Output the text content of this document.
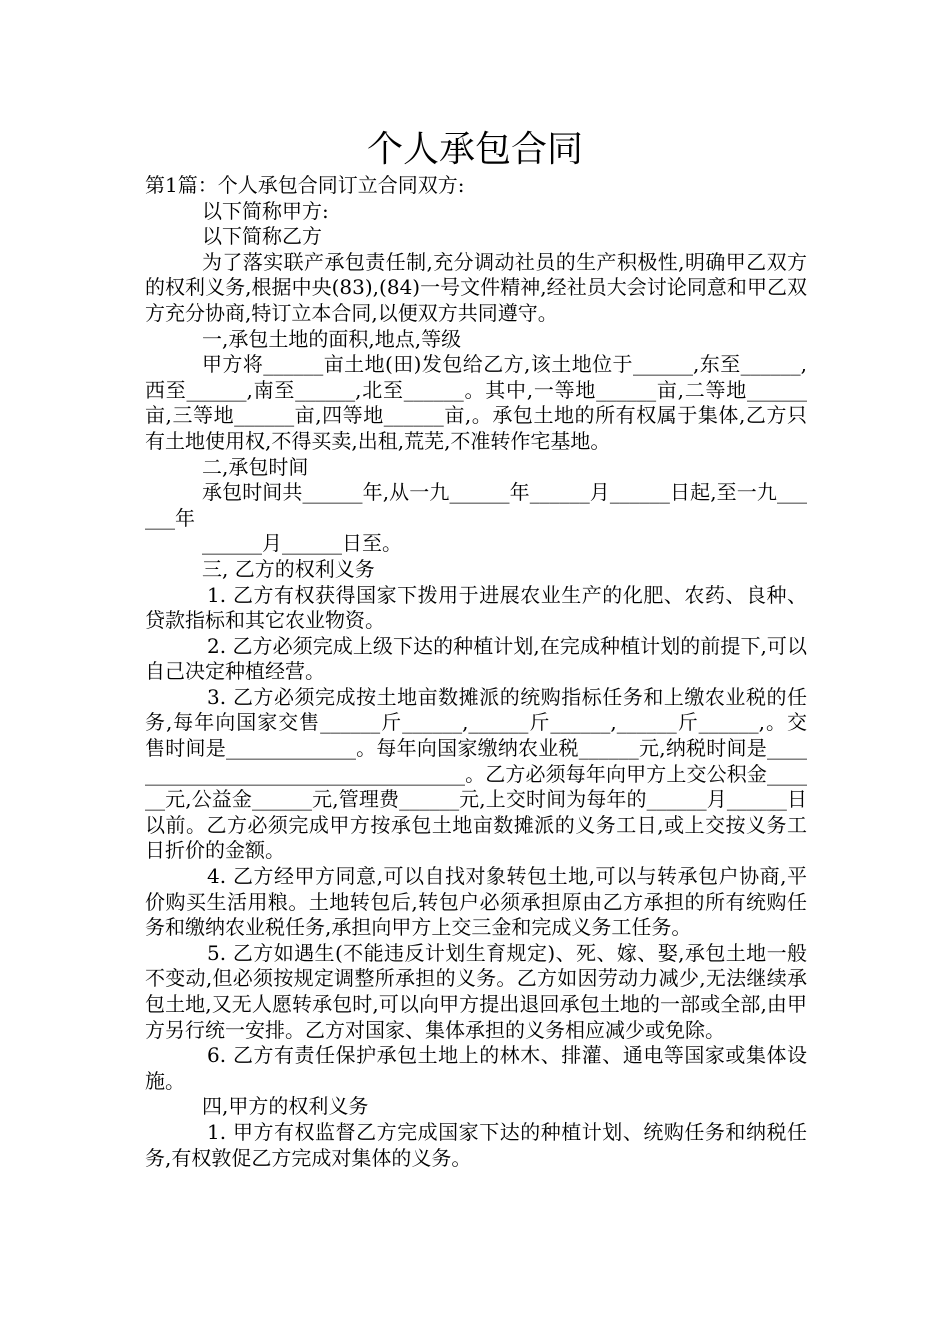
个人承包合同

第1篇：个人承包合同订立合同双方:

以下简称甲方:

以下简称乙方

为了落实联产承包责任制,充分调动社员的生产积极性,明确甲乙双方的权利义务,根据中央(83),(84)一号文件精神,经社员大会讨论同意和甲乙双方充分协商,特订立本合同,以便双方共同遵守。

一,承包土地的面积,地点,等级

甲方将______亩土地(田)发包给乙方,该土地位于______,东至______,西至______,南至______,北至______。其中,一等地______亩,二等地______亩,三等地______亩,四等地______亩,。承包土地的所有权属于集体,乙方只有土地使用权,不得买卖,出租,荒芜,不准转作宅基地。

二,承包时间

承包时间共______年,从一九______年______月______日起,至一九______年

______月______日至。

三, 乙方的权利义务

1. 乙方有权获得国家下拨用于进展农业生产的化肥、农药、良种、贷款指标和其它农业物资。

2. 乙方必须完成上级下达的种植计划,在完成种植计划的前提下,可以自己决定种植经营。

3. 乙方必须完成按土地亩数摊派的统购指标任务和上缴农业税的任务,每年向国家交售______斤______,______斤______,______斤______,。交售时间是_____________。每年向国家缴纳农业税______元,纳税时间是____________________________________。乙方必须每年向甲方上交公积金______元,公益金______元,管理费______元,上交时间为每年的______月______日以前。乙方必须完成甲方按承包土地亩数摊派的义务工日,或上交按义务工日折价的金额。

4. 乙方经甲方同意,可以自找对象转包土地,可以与转承包户协商,平价购买生活用粮。土地转包后,转包户必须承担原由乙方承担的所有统购任务和缴纳农业税任务,承担向甲方上交三金和完成义务工任务。

5. 乙方如遇生(不能违反计划生育规定)、死、嫁、娶,承包土地一般不变动,但必须按规定调整所承担的义务。乙方如因劳动力减少,无法继续承包土地,又无人愿转承包时,可以向甲方提出退回承包土地的一部或全部,由甲方另行统一安排。乙方对国家、集体承担的义务相应减少或免除。

6. 乙方有责任保护承包土地上的林木、排灌、通电等国家或集体设施。

四,甲方的权利义务

1. 甲方有权监督乙方完成国家下达的种植计划、统购任务和纳税任务,有权敦促乙方完成对集体的义务。
